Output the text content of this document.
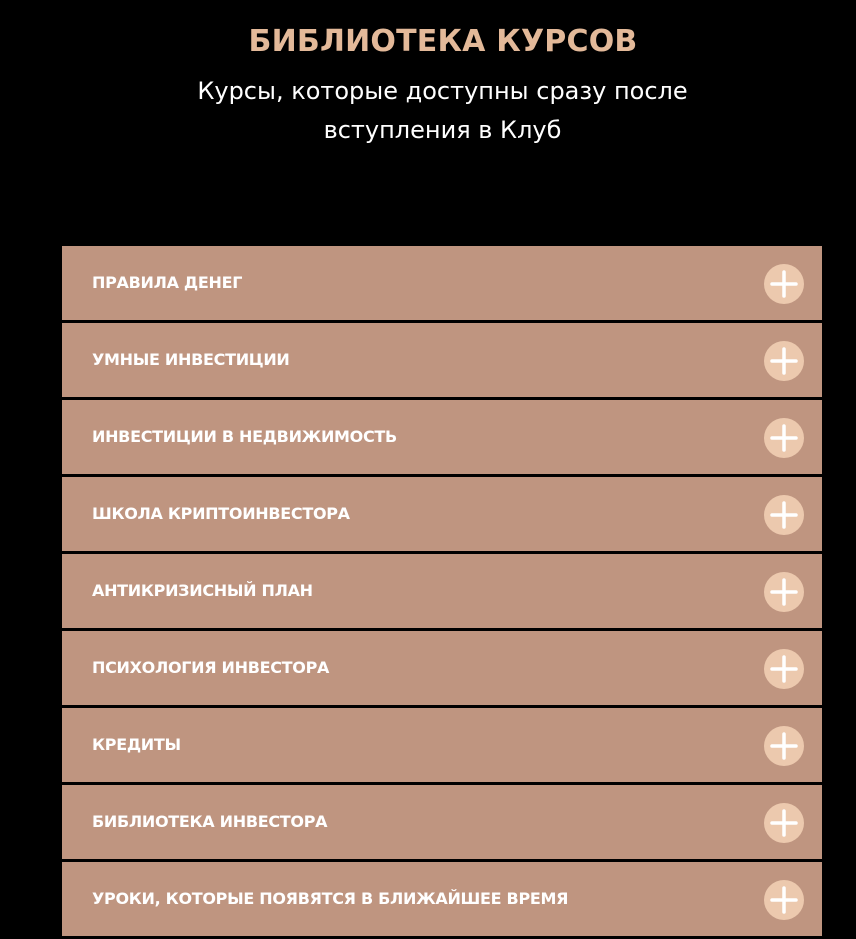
БИБЛИОТЕКА КУРСОВ

Курсы, которые доступны сразу после вступления в Клуб

ПРАВИЛА ДЕНЕГ
УМНЫЕ ИНВЕСТИЦИИ
ИНВЕСТИЦИИ В НЕДВИЖИМОСТЬ
ШКОЛА КРИПТОИНВЕСТОРА
АНТИКРИЗИСНЫЙ ПЛАН
ПСИХОЛОГИЯ ИНВЕСТОРА
КРЕДИТЫ
БИБЛИОТЕКА ИНВЕСТОРА
УРОКИ, КОТОРЫЕ ПОЯВЯТСЯ В БЛИЖАЙШЕЕ ВРЕМЯ
